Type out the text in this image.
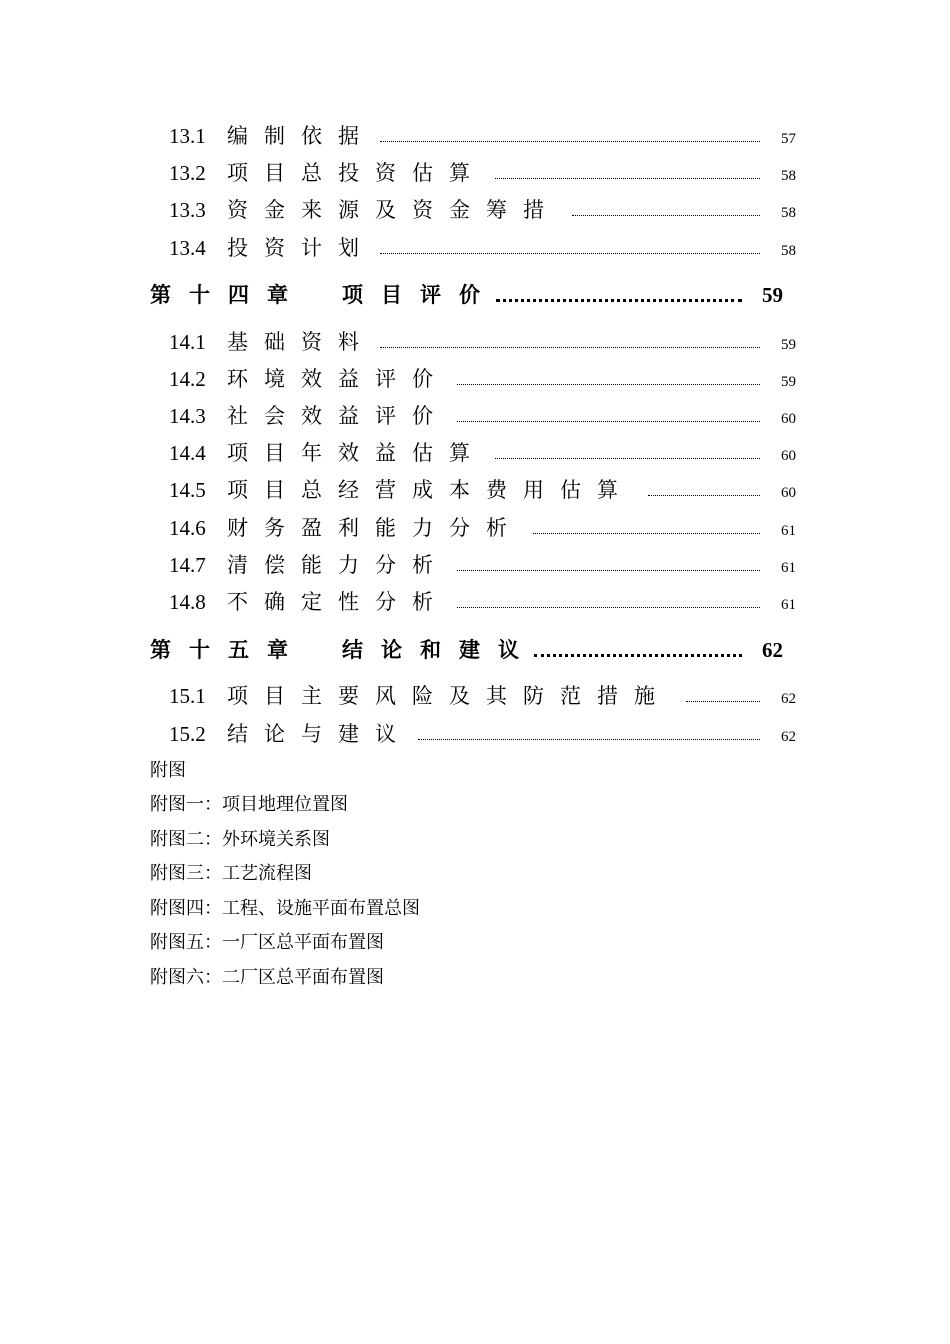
13.1 编制依据	57
13.2 项目总投资估算	58
13.3 资金来源及资金筹措	58
13.4 投资计划	58
第十四章 项目评价	59
14.1 基础资料	59
14.2 环境效益评价	59
14.3 社会效益评价	60
14.4 项目年效益估算	60
14.5 项目总经营成本费用估算	60
14.6 财务盈利能力分析	61
14.7 清偿能力分析	61
14.8 不确定性分析	61
第十五章 结论和建议	62
15.1 项目主要风险及其防范措施	62
15.2 结论与建议	62
附图
附图一：项目地理位置图
附图二：外环境关系图
附图三：工艺流程图
附图四：工程、设施平面布置总图
附图五：一厂区总平面布置图
附图六：二厂区总平面布置图
